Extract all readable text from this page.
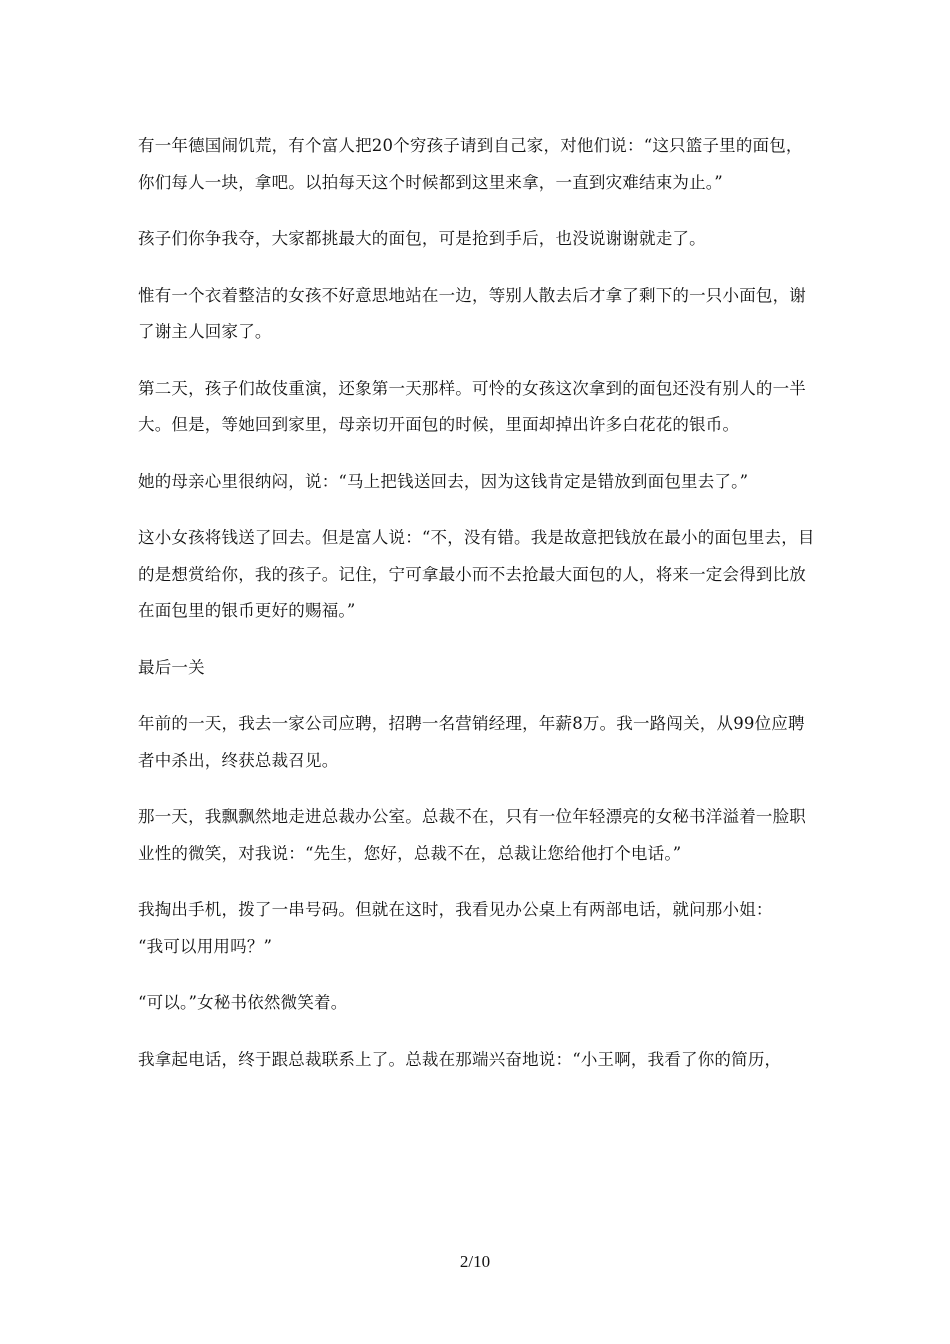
有一年德国闹饥荒，有个富人把20个穷孩子请到自己家，对他们说：“这只篮子里的面包，你们每人一块，拿吧。以拍每天这个时候都到这里来拿，一直到灾难结束为止。”

孩子们你争我夺，大家都挑最大的面包，可是抢到手后，也没说谢谢就走了。

惟有一个衣着整洁的女孩不好意思地站在一边，等别人散去后才拿了剩下的一只小面包，谢了谢主人回家了。

第二天，孩子们故伎重演，还象第一天那样。可怜的女孩这次拿到的面包还没有别人的一半大。但是，等她回到家里，母亲切开面包的时候，里面却掉出许多白花花的银币。

她的母亲心里很纳闷，说：“马上把钱送回去，因为这钱肯定是错放到面包里去了。”

这小女孩将钱送了回去。但是富人说：“不，没有错。我是故意把钱放在最小的面包里去，目的是想赏给你，我的孩子。记住，宁可拿最小而不去抢最大面包的人，将来一定会得到比放在面包里的银币更好的赐福。”

最后一关

年前的一天，我去一家公司应聘，招聘一名营销经理，年薪8万。我一路闯关，从99位应聘者中杀出，终获总裁召见。

那一天，我飘飘然地走进总裁办公室。总裁不在，只有一位年轻漂亮的女秘书洋溢着一脸职业性的微笑，对我说：“先生，您好，总裁不在，总裁让您给他打个电话。”

我掏出手机，拨了一串号码。但就在这时，我看见办公桌上有两部电话，就问那小姐：

“我可以用用吗？”

“可以。”女秘书依然微笑着。

我拿起电话，终于跟总裁联系上了。总裁在那端兴奋地说：“小王啊，我看了你的简历，

2/10
